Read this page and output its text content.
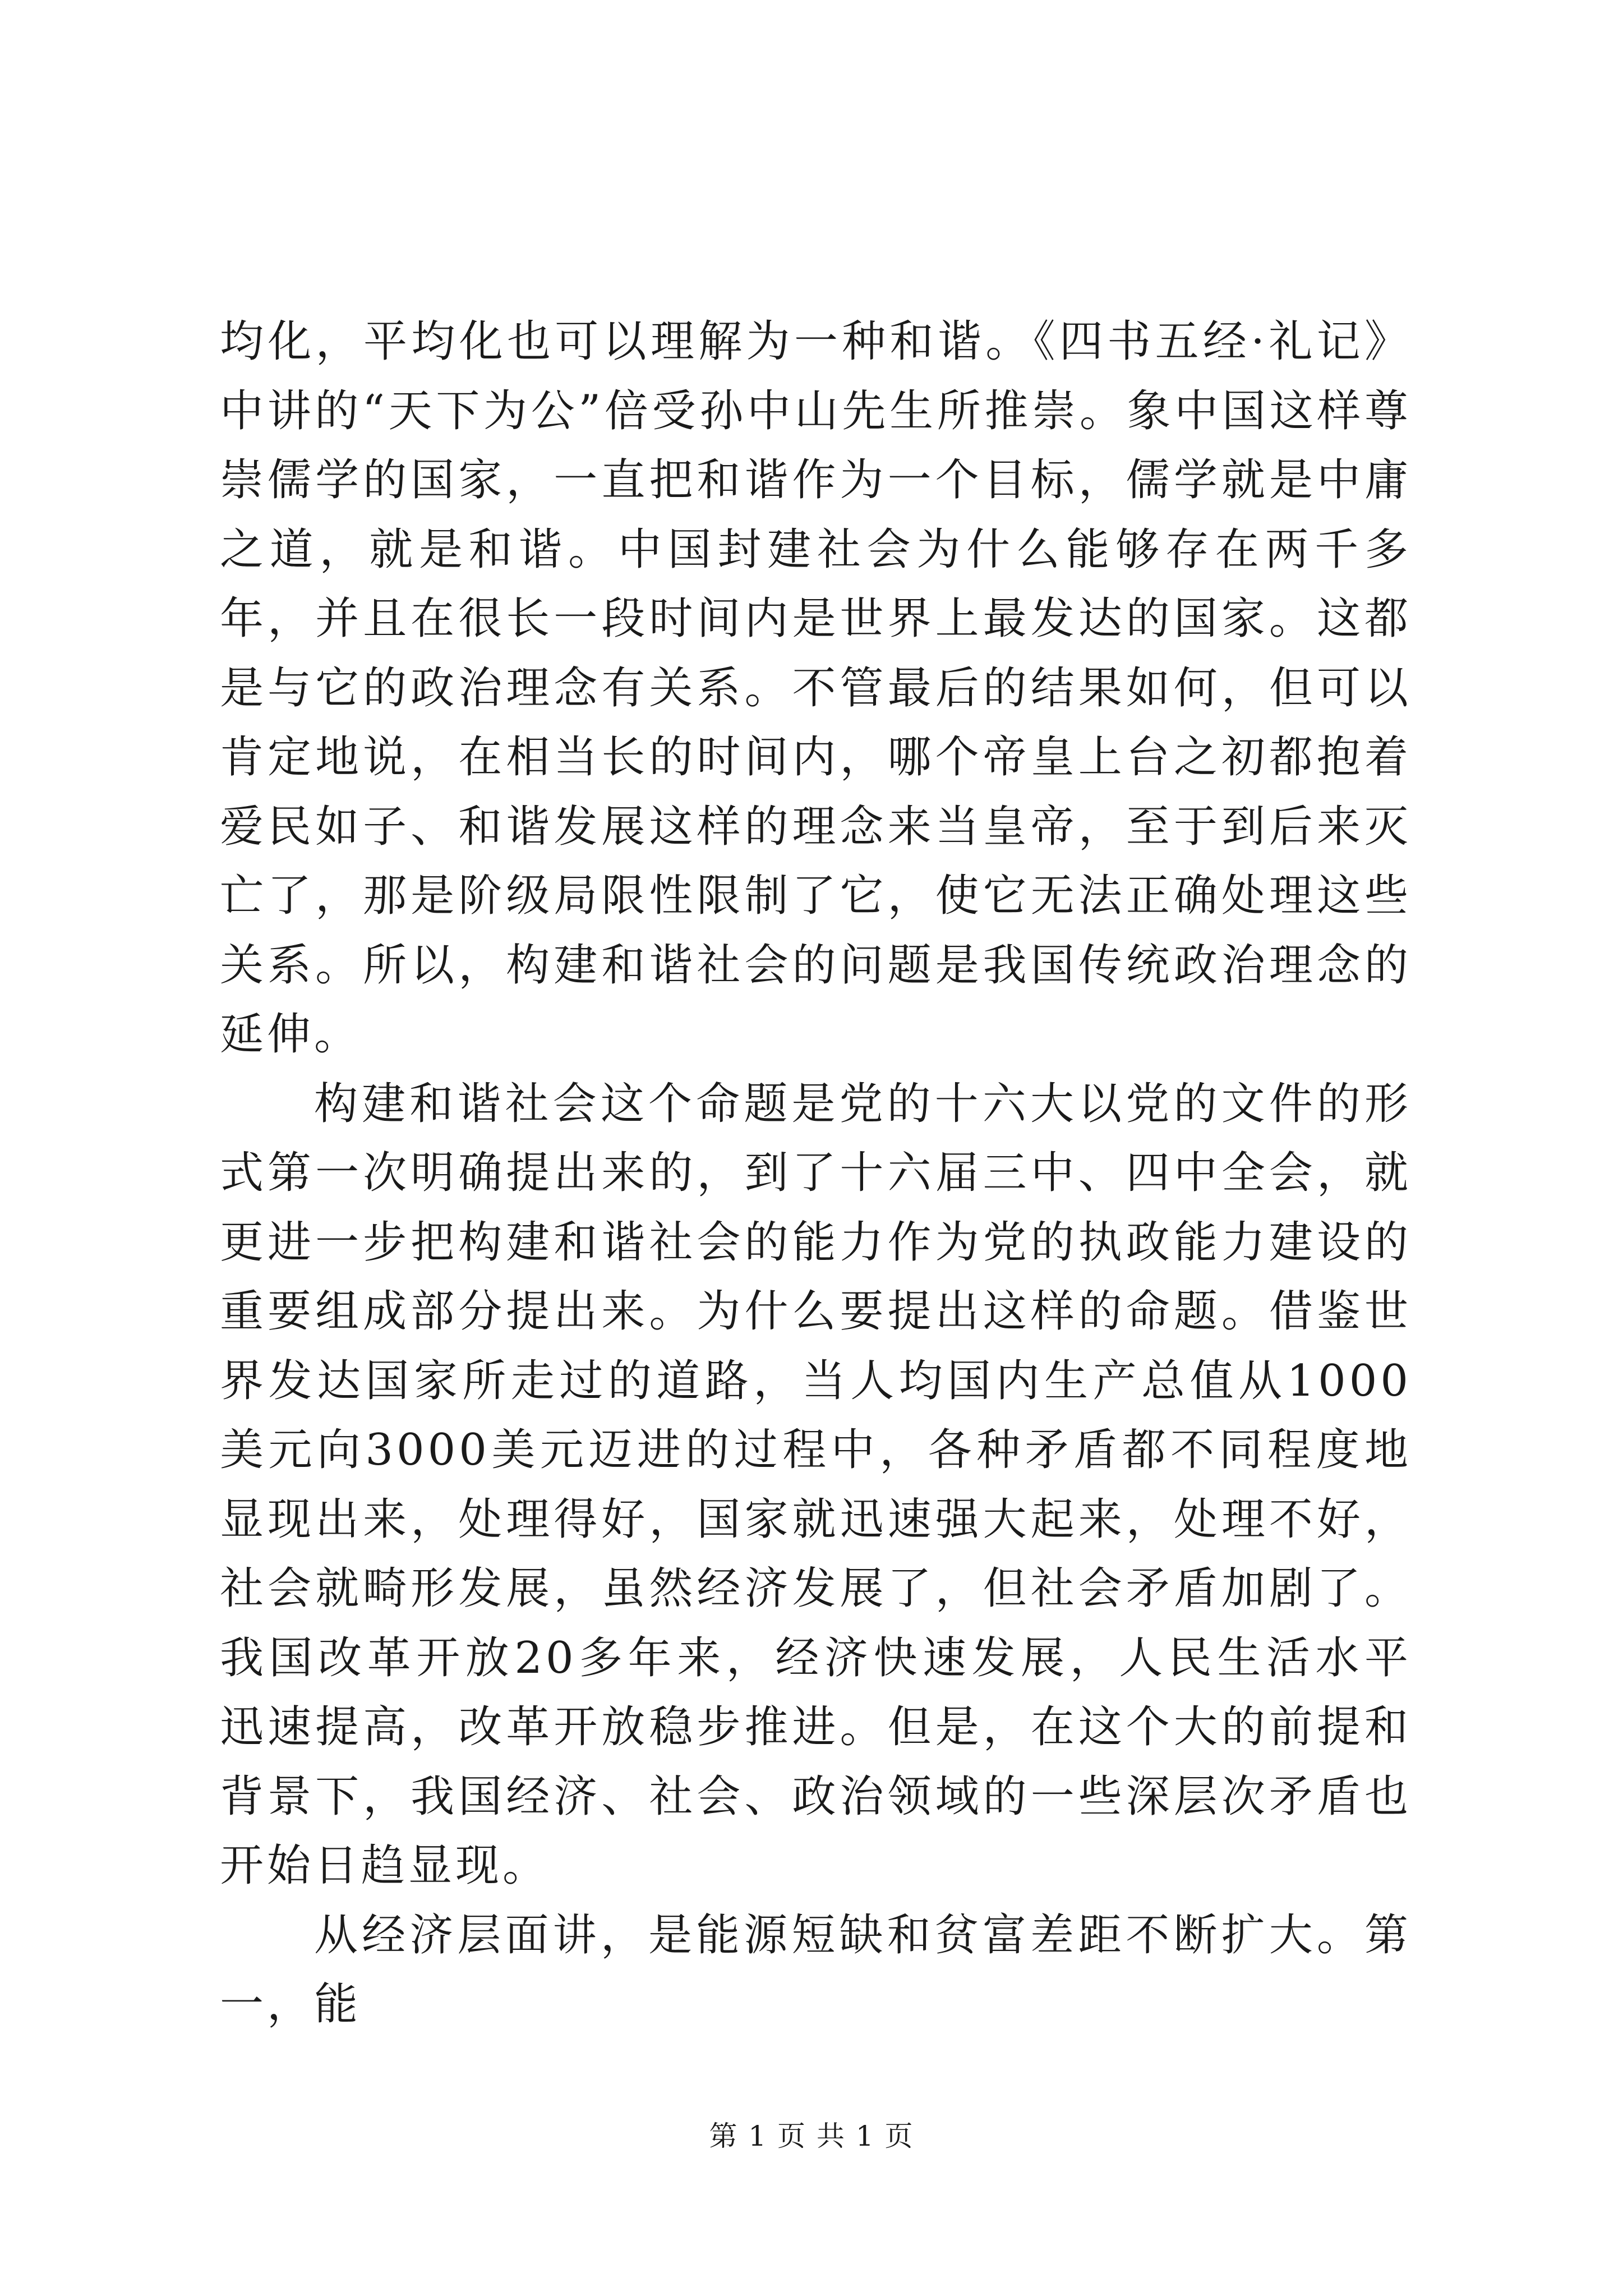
均化，平均化也可以理解为一种和谐。《四书五经·礼记》中讲的“天下为公”倍受孙中山先生所推崇。象中国这样尊崇儒学的国家，一直把和谐作为一个目标，儒学就是中庸之道，就是和谐。中国封建社会为什么能够存在两千多年，并且在很长一段时间内是世界上最发达的国家。这都是与它的政治理念有关系。不管最后的结果如何，但可以肯定地说，在相当长的时间内，哪个帝皇上台之初都抱着爱民如子、和谐发展这样的理念来当皇帝，至于到后来灭亡了，那是阶级局限性限制了它，使它无法正确处理这些关系。所以，构建和谐社会的问题是我国传统政治理念的延伸。

构建和谐社会这个命题是党的十六大以党的文件的形式第一次明确提出来的，到了十六届三中、四中全会，就更进一步把构建和谐社会的能力作为党的执政能力建设的重要组成部分提出来。为什么要提出这样的命题。借鉴世界发达国家所走过的道路，当人均国内生产总值从1000美元向3000美元迈进的过程中，各种矛盾都不同程度地显现出来，处理得好，国家就迅速强大起来，处理不好，社会就畸形发展，虽然经济发展了，但社会矛盾加剧了。我国改革开放20多年来，经济快速发展，人民生活水平迅速提高，改革开放稳步推进。但是，在这个大的前提和背景下，我国经济、社会、政治领域的一些深层次矛盾也开始日趋显现。

从经济层面讲，是能源短缺和贫富差距不断扩大。第一，能

第 1 页 共 1 页
